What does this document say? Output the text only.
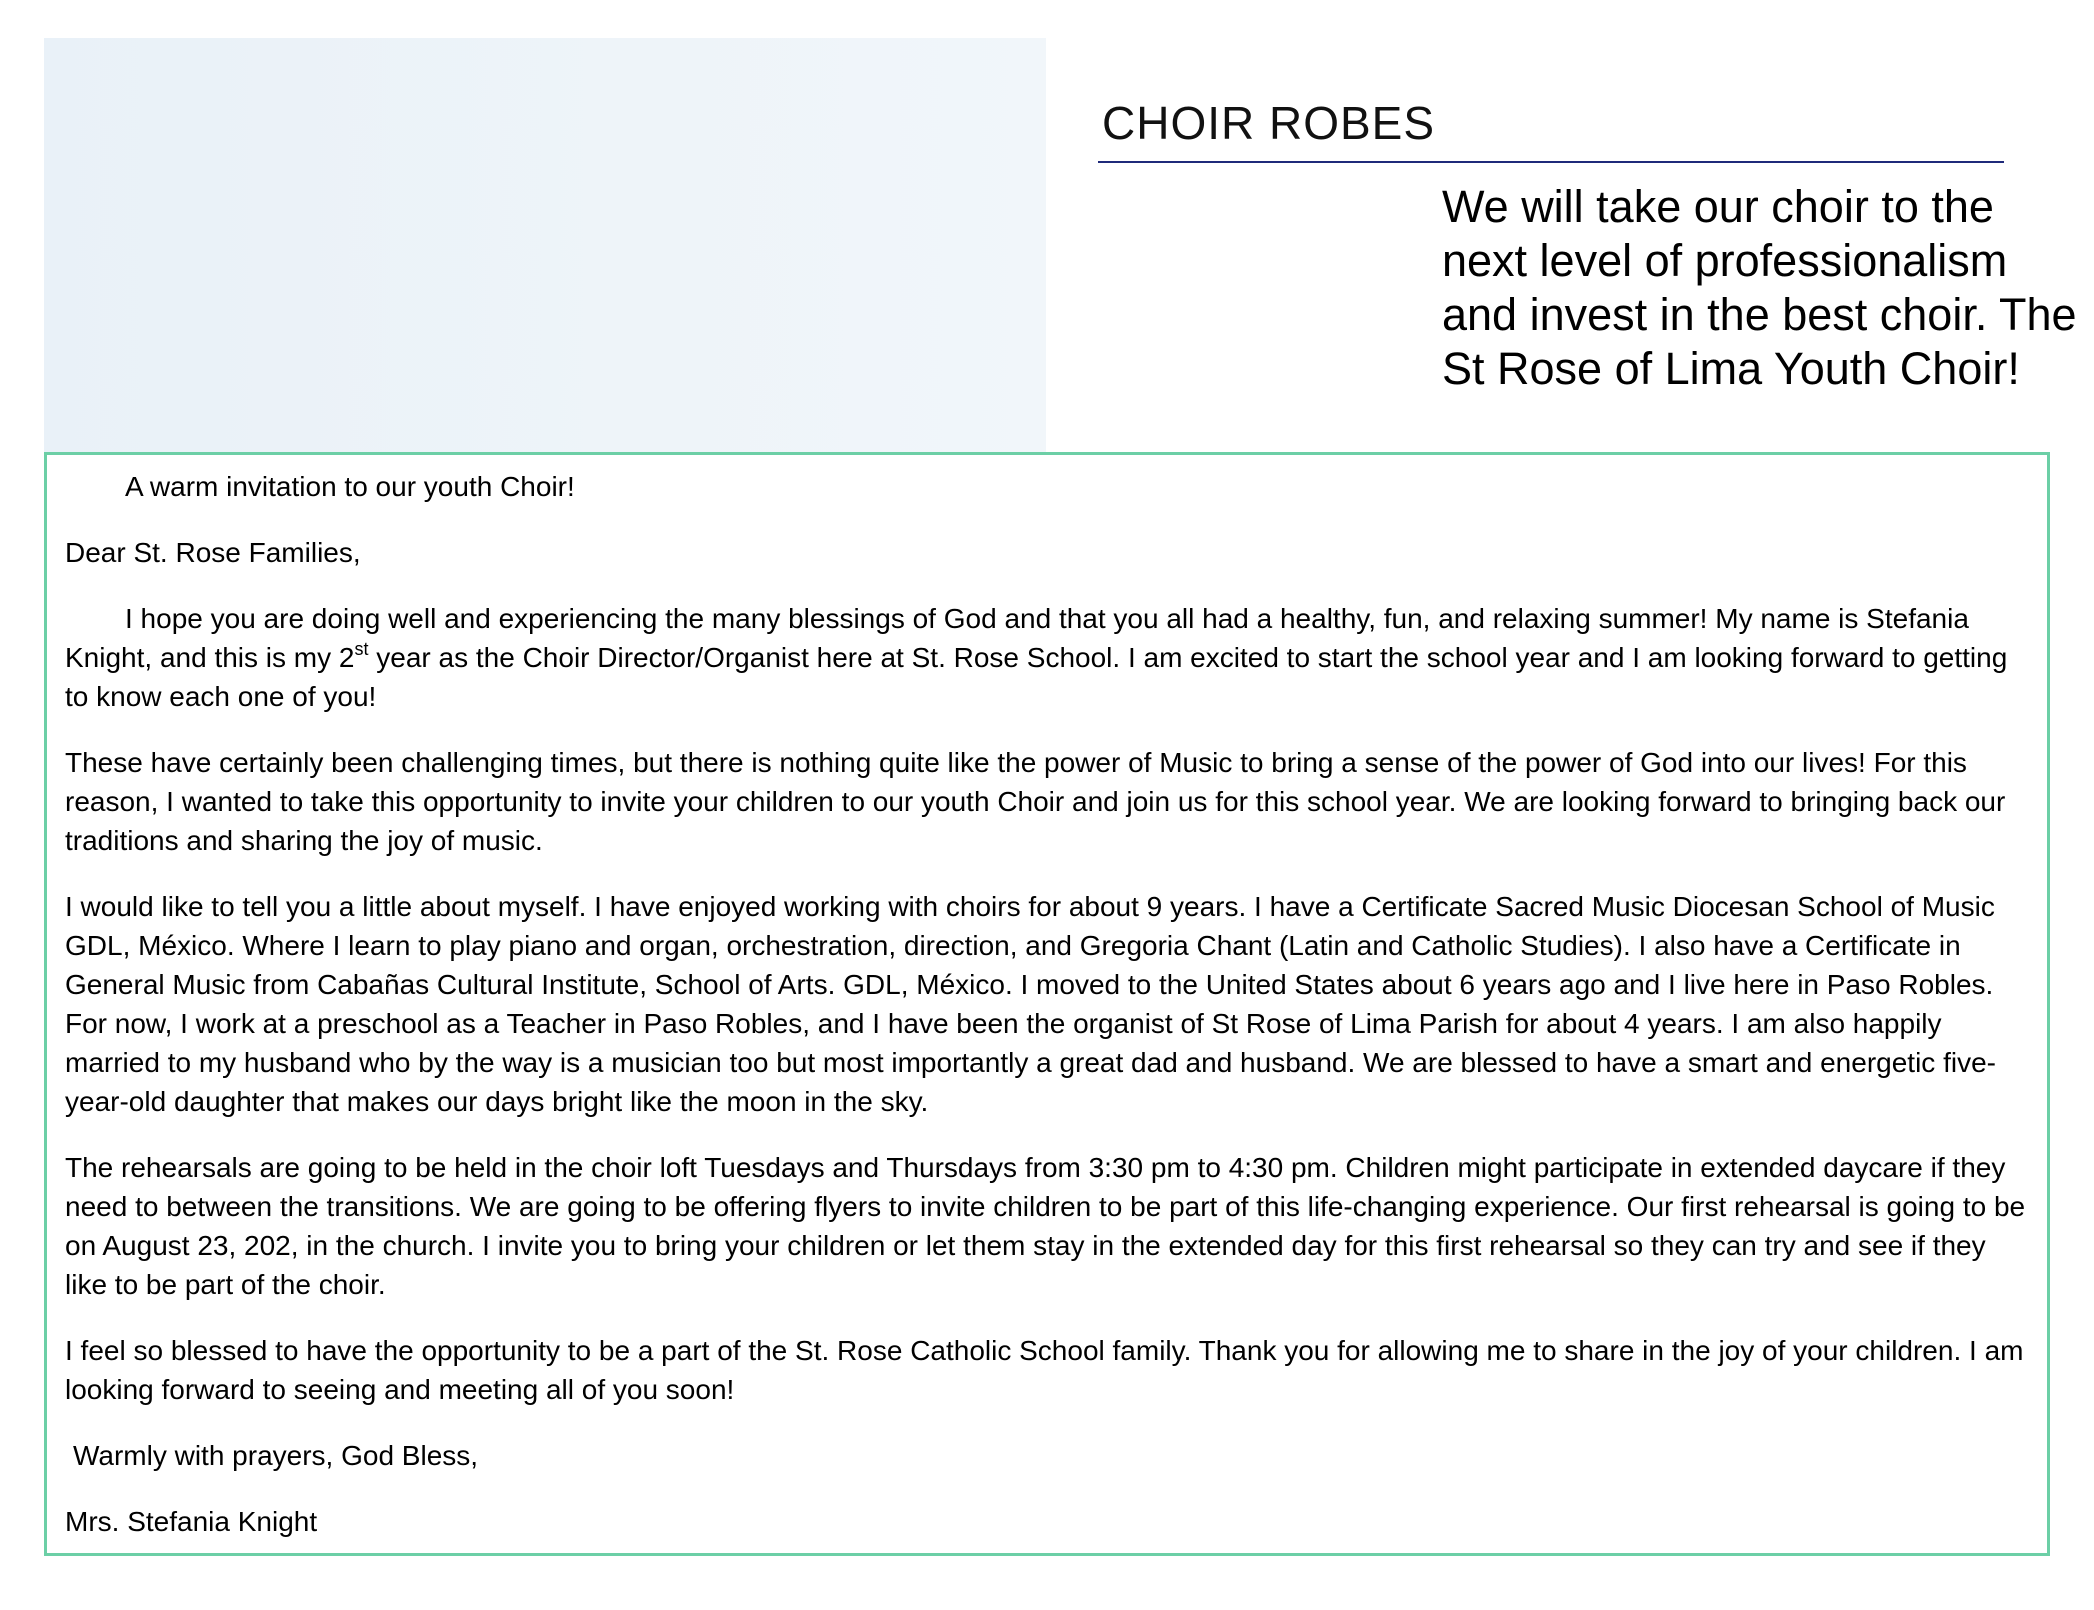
CHOIR ROBES
We will take our choir to the next level of professionalism and invest in the best choir. The St Rose of Lima Youth Choir!

A warm invitation to our youth Choir!

Dear St. Rose Families,

I hope you are doing well and experiencing the many blessings of God and that you all had a healthy, fun, and relaxing summer! My name is Stefania Knight, and this is my 2st year as the Choir Director/Organist here at St. Rose School. I am excited to start the school year and I am looking forward to getting to know each one of you!

These have certainly been challenging times, but there is nothing quite like the power of Music to bring a sense of the power of God into our lives! For this reason, I wanted to take this opportunity to invite your children to our youth Choir and join us for this school year. We are looking forward to bringing back our traditions and sharing the joy of music.

I would like to tell you a little about myself. I have enjoyed working with choirs for about 9 years. I have a Certificate Sacred Music Diocesan School of Music GDL, México. Where I learn to play piano and organ, orchestration, direction, and Gregoria Chant (Latin and Catholic Studies). I also have a Certificate in General Music from Cabañas Cultural Institute, School of Arts. GDL, México. I moved to the United States about 6 years ago and I live here in Paso Robles. For now, I work at a preschool as a Teacher in Paso Robles, and I have been the organist of St Rose of Lima Parish for about 4 years. I am also happily married to my husband who by the way is a musician too but most importantly a great dad and husband. We are blessed to have a smart and energetic five-year-old daughter that makes our days bright like the moon in the sky.

The rehearsals are going to be held in the choir loft Tuesdays and Thursdays from 3:30 pm to 4:30 pm. Children might participate in extended daycare if they need to between the transitions. We are going to be offering flyers to invite children to be part of this life-changing experience. Our first rehearsal is going to be on August 23, 202, in the church. I invite you to bring your children or let them stay in the extended day for this first rehearsal so they can try and see if they like to be part of the choir.

I feel so blessed to have the opportunity to be a part of the St. Rose Catholic School family. Thank you for allowing me to share in the joy of your children. I am looking forward to seeing and meeting all of you soon!

Warmly with prayers, God Bless,

Mrs. Stefania Knight
